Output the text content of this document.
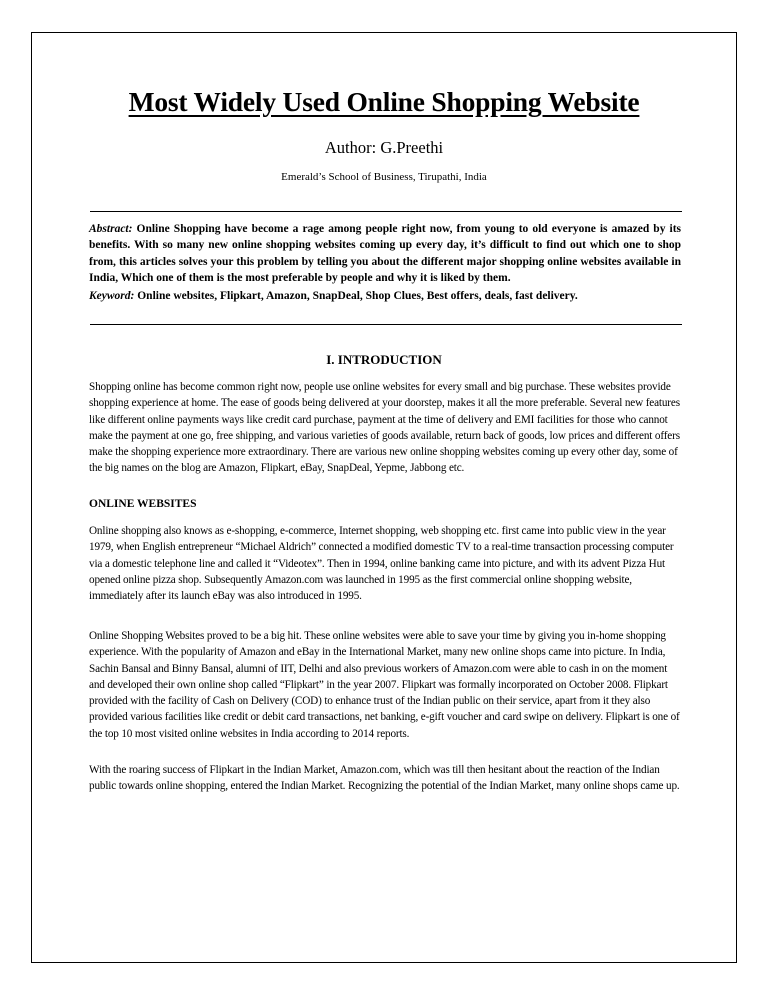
Most Widely Used Online Shopping Website
Author: G.Preethi
Emerald’s School of Business, Tirupathi, India
Abstract: Online Shopping have become a rage among people right now, from young to old everyone is amazed by its benefits. With so many new online shopping websites coming up every day, it’s difficult to find out which one to shop from, this articles solves your this problem by telling you about the different major shopping online websites available in India, Which one of them is the most preferable by people and why it is liked by them.
Keyword: Online websites, Flipkart, Amazon, SnapDeal, Shop Clues, Best offers, deals, fast delivery.
I. INTRODUCTION
Shopping online has become common right now, people use online websites for every small and big purchase. These websites provide shopping experience at home. The ease of goods being delivered at your doorstep, makes it all the more preferable. Several new features like different online payments ways like credit card purchase, payment at the time of delivery and EMI facilities for those who cannot make the payment at one go, free shipping, and various varieties of goods available, return back of goods, low prices and different offers make the shopping experience more extraordinary. There are various new online shopping websites coming up every other day, some of the big names on the blog are Amazon, Flipkart, eBay, SnapDeal, Yepme, Jabbong etc.
ONLINE WEBSITES
Online shopping also knows as e-shopping, e-commerce, Internet shopping, web shopping etc. first came into public view in the year 1979, when English entrepreneur “Michael Aldrich” connected a modified domestic TV to a real-time transaction processing computer via a domestic telephone line and called it “Videotex”. Then in 1994, online banking came into picture, and with its advent Pizza Hut opened online pizza shop. Subsequently Amazon.com was launched in 1995 as the first commercial online shopping website, immediately after its launch eBay was also introduced in 1995.
Online Shopping Websites proved to be a big hit. These online websites were able to save your time by giving you in-home shopping experience. With the popularity of Amazon and eBay in the International Market, many new online shops came into picture. In India, Sachin Bansal and Binny Bansal, alumni of IIT, Delhi and also previous workers of Amazon.com were able to cash in on the moment and developed their own online shop called “Flipkart” in the year 2007. Flipkart was formally incorporated on October 2008. Flipkart provided with the facility of Cash on Delivery (COD) to enhance trust of the Indian public on their service, apart from it they also provided various facilities like credit or debit card transactions, net banking, e-gift voucher and card swipe on delivery. Flipkart is one of the top 10 most visited online websites in India according to 2014 reports.
With the roaring success of Flipkart in the Indian Market, Amazon.com, which was till then hesitant about the reaction of the Indian public towards online shopping, entered the Indian Market. Recognizing the potential of the Indian Market, many online shops came up.
